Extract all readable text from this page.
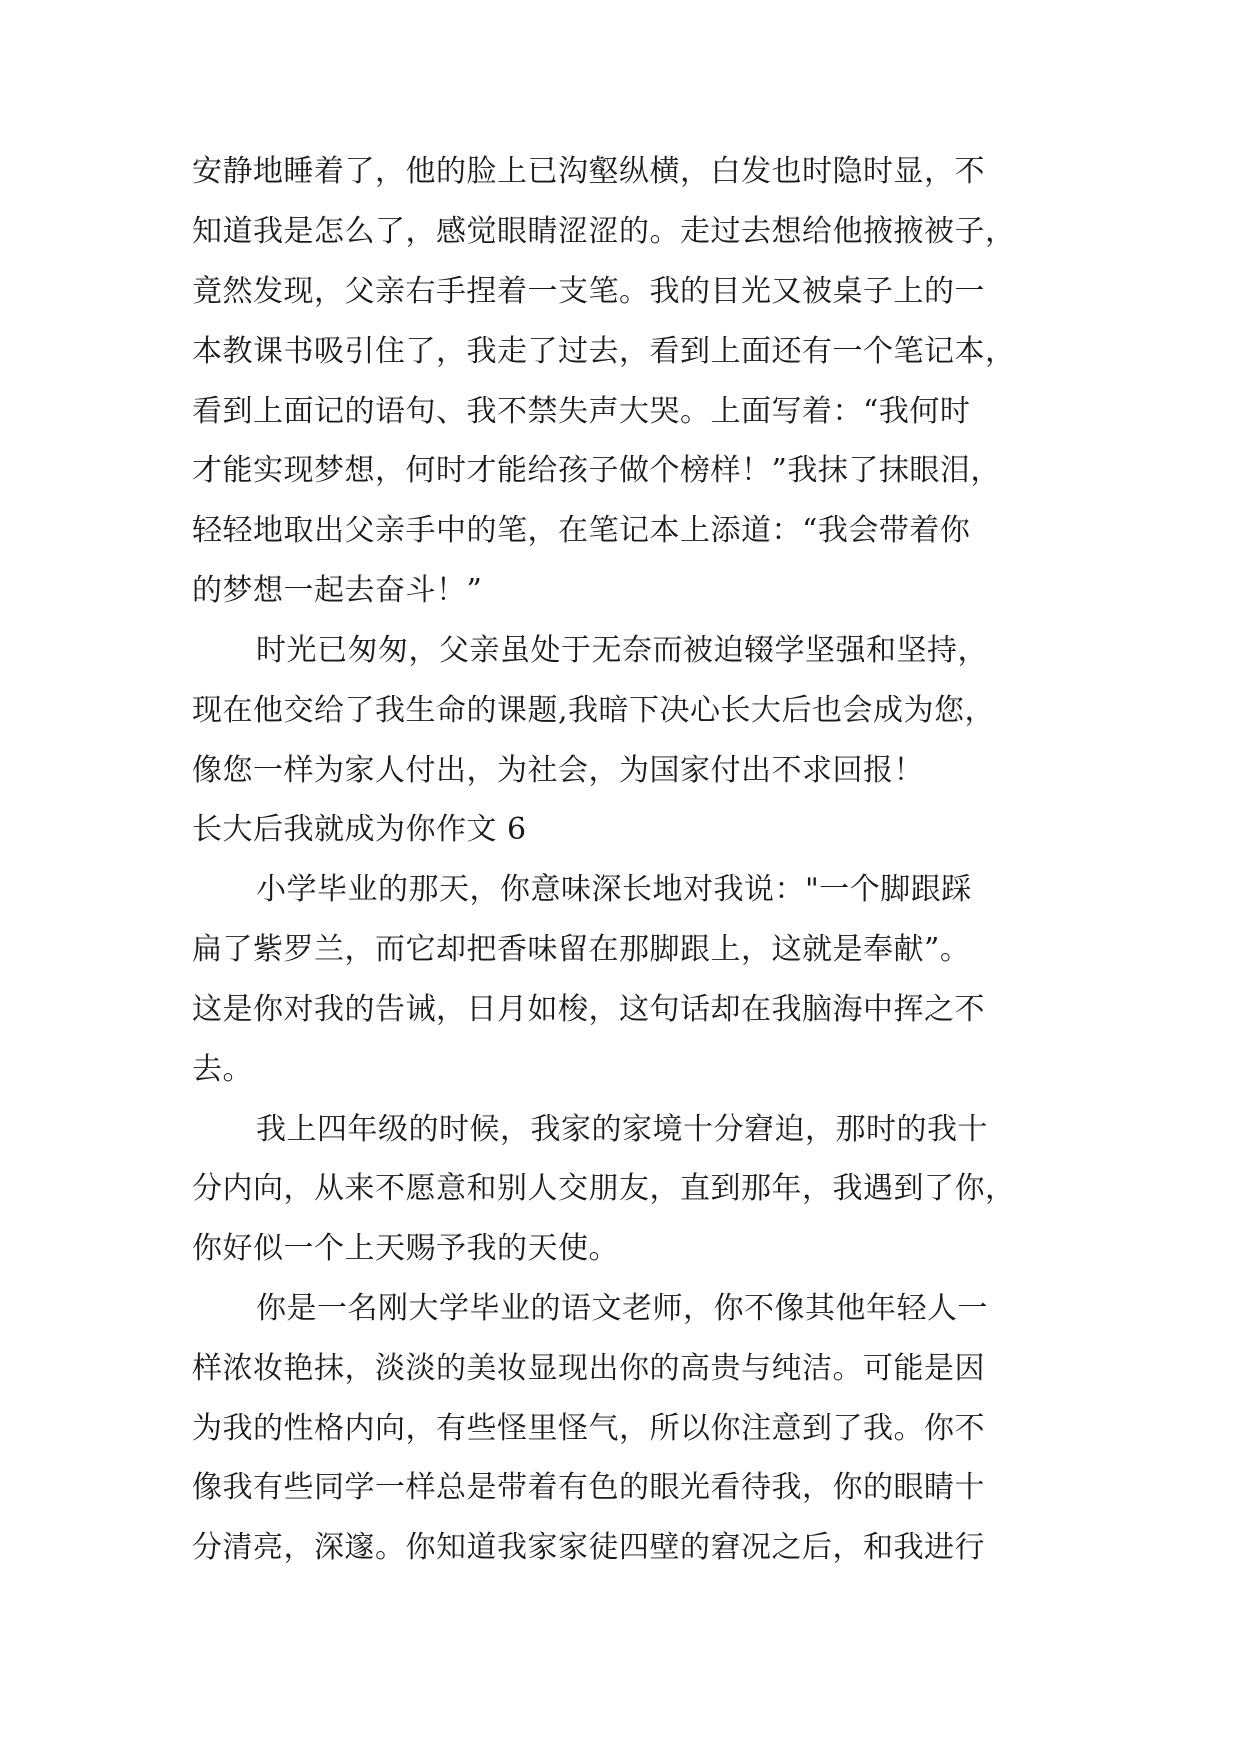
安静地睡着了，他的脸上已沟壑纵横，白发也时隐时显，不
知道我是怎么了，感觉眼睛涩涩的。走过去想给他掖掖被子，
竟然发现，父亲右手捏着一支笔。我的目光又被桌子上的一
本教课书吸引住了，我走了过去，看到上面还有一个笔记本，
看到上面记的语句、我不禁失声大哭。上面写着：“我何时
才能实现梦想，何时才能给孩子做个榜样！”我抹了抹眼泪，
轻轻地取出父亲手中的笔，在笔记本上添道：“我会带着你
的梦想一起去奋斗！”
时光已匆匆，父亲虽处于无奈而被迫辍学坚强和坚持，
现在他交给了我生命的课题,我暗下决心长大后也会成为您，
像您一样为家人付出，为社会，为国家付出不求回报！
长大后我就成为你作文 6
小学毕业的那天，你意味深长地对我说："一个脚跟踩
扁了紫罗兰，而它却把香味留在那脚跟上，这就是奉献”。
这是你对我的告诫，日月如梭，这句话却在我脑海中挥之不
去。
我上四年级的时候，我家的家境十分窘迫，那时的我十
分内向，从来不愿意和别人交朋友，直到那年，我遇到了你，
你好似一个上天赐予我的天使。
你是一名刚大学毕业的语文老师，你不像其他年轻人一
样浓妆艳抹，淡淡的美妆显现出你的高贵与纯洁。可能是因
为我的性格内向，有些怪里怪气，所以你注意到了我。你不
像我有些同学一样总是带着有色的眼光看待我，你的眼睛十
分清亮，深邃。你知道我家家徒四壁的窘况之后，和我进行
